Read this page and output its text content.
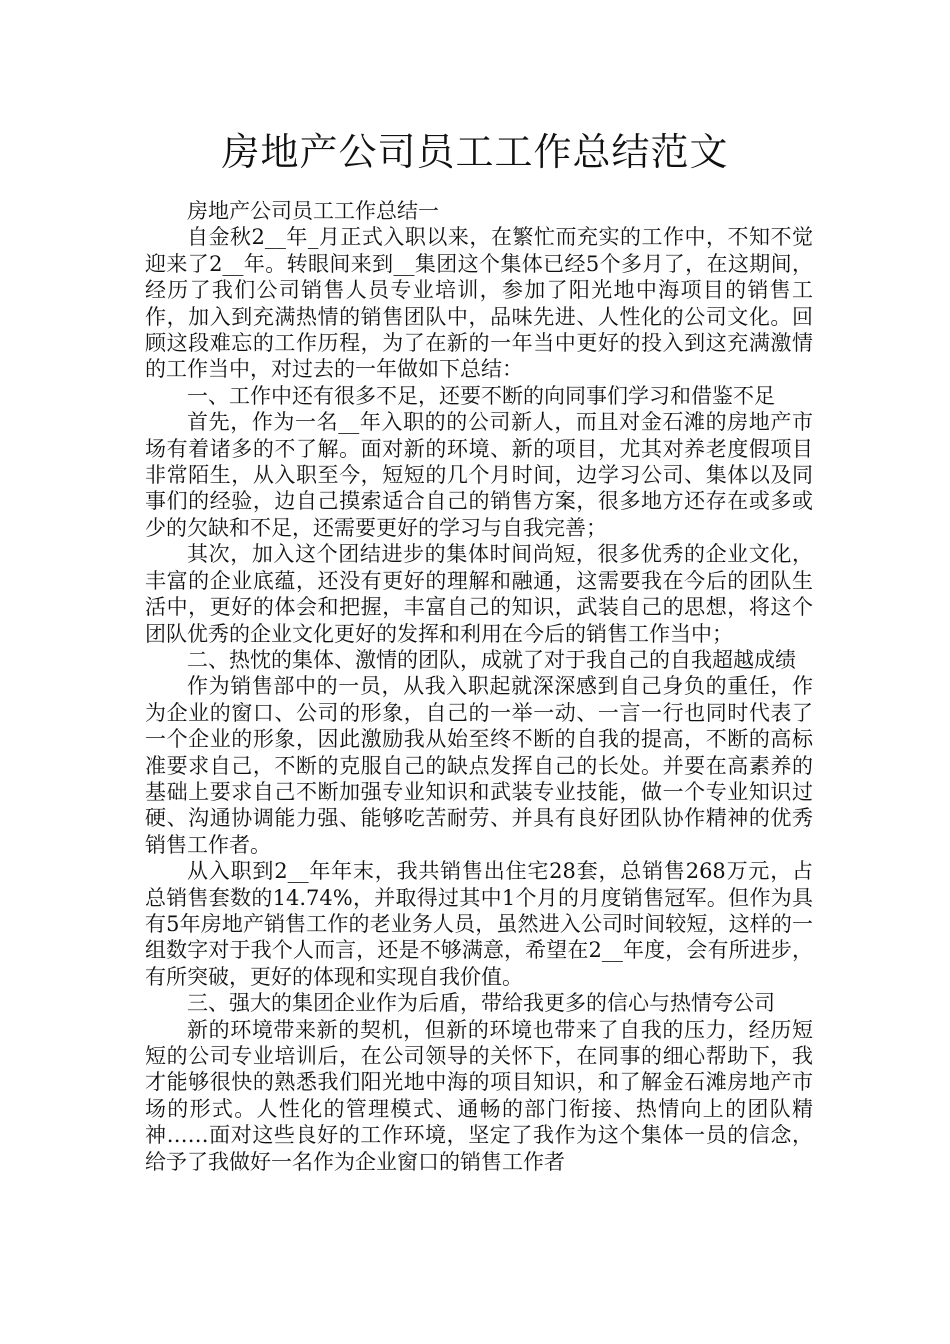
房地产公司员工工作总结范文

房地产公司员工工作总结一

自金秋2__年_月正式入职以来，在繁忙而充实的工作中，不知不觉迎来了2__年。转眼间来到__集团这个集体已经5个多月了，在这期间，经历了我们公司销售人员专业培训，参加了阳光地中海项目的销售工作，加入到充满热情的销售团队中，品味先进、人性化的公司文化。回顾这段难忘的工作历程，为了在新的一年当中更好的投入到这充满激情的工作当中，对过去的一年做如下总结：

一、工作中还有很多不足，还要不断的向同事们学习和借鉴不足

首先，作为一名__年入职的的公司新人，而且对金石滩的房地产市场有着诸多的不了解。面对新的环境、新的项目，尤其对养老度假项目非常陌生，从入职至今，短短的几个月时间，边学习公司、集体以及同事们的经验，边自己摸索适合自己的销售方案，很多地方还存在或多或少的欠缺和不足，还需要更好的学习与自我完善；

其次，加入这个团结进步的集体时间尚短，很多优秀的企业文化，丰富的企业底蕴，还没有更好的理解和融通，这需要我在今后的团队生活中，更好的体会和把握，丰富自己的知识，武装自己的思想，将这个团队优秀的企业文化更好的发挥和利用在今后的销售工作当中；

二、热忱的集体、激情的团队，成就了对于我自己的自我超越成绩

作为销售部中的一员，从我入职起就深深感到自己身负的重任，作为企业的窗口、公司的形象，自己的一举一动、一言一行也同时代表了一个企业的形象，因此激励我从始至终不断的自我的提高，不断的高标准要求自己，不断的克服自己的缺点发挥自己的长处。并要在高素养的基础上要求自己不断加强专业知识和武装专业技能，做一个专业知识过硬、沟通协调能力强、能够吃苦耐劳、并具有良好团队协作精神的优秀销售工作者。

从入职到2__年年末，我共销售出住宅28套，总销售268万元，占总销售套数的14.74%，并取得过其中1个月的月度销售冠军。但作为具有5年房地产销售工作的老业务人员，虽然进入公司时间较短，这样的一组数字对于我个人而言，还是不够满意，希望在2__年度，会有所进步，有所突破，更好的体现和实现自我价值。

三、强大的集团企业作为后盾，带给我更多的信心与热情夸公司

新的环境带来新的契机，但新的环境也带来了自我的压力，经历短短的公司专业培训后，在公司领导的关怀下，在同事的细心帮助下，我才能够很快的熟悉我们阳光地中海的项目知识，和了解金石滩房地产市场的形式。人性化的管理模式、通畅的部门衔接、热情向上的团队精神……面对这些良好的工作环境，坚定了我作为这个集体一员的信念，给予了我做好一名作为企业窗口的销售工作者
